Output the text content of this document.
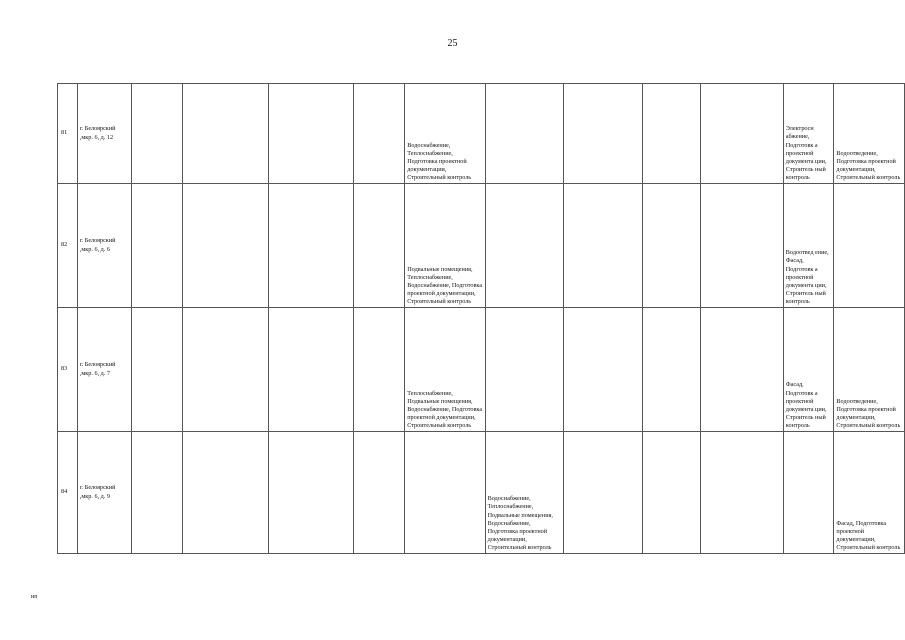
25
81	г. Белоярский ,мкр. 6, д. 12					Водоснабжение, Теплоснабжение, Подготовка проектной документации, Строительный контроль					Электросн абжение, Подготовк а проектной документа ции, Строитель ный контроль	Водоотведение, Подготовка проектной документации, Строительный контроль

82	г. Белоярский ,мкр. 6, д. 6					Подвальные помещения, Теплоснабжение, Водоснабжение, Подготовка проектной документации, Строительный контроль					Водоотвед ение, Фасад, Подготовк а проектной документа ции, Строитель ный контроль	

83	г. Белоярский ,мкр. 6, д. 7					Теплоснабжение, Подвальные помещения, Водоснабжение, Подготовка проектной документации, Строительный контроль					Фасад, Подготовк а проектной документа ции, Строитель ный контроль	Водоотведение, Подготовка проектной документации, Строительный контроль

84	г. Белоярский ,мкр. 6, д. 9						Водоснабжение, Теплоснабжение, Подвальные помещения, Водоснабжение, Подготовка проектной документации, Строительный контроль					Фасад, Подготовка проектной документации, Строительный контроль
ип
